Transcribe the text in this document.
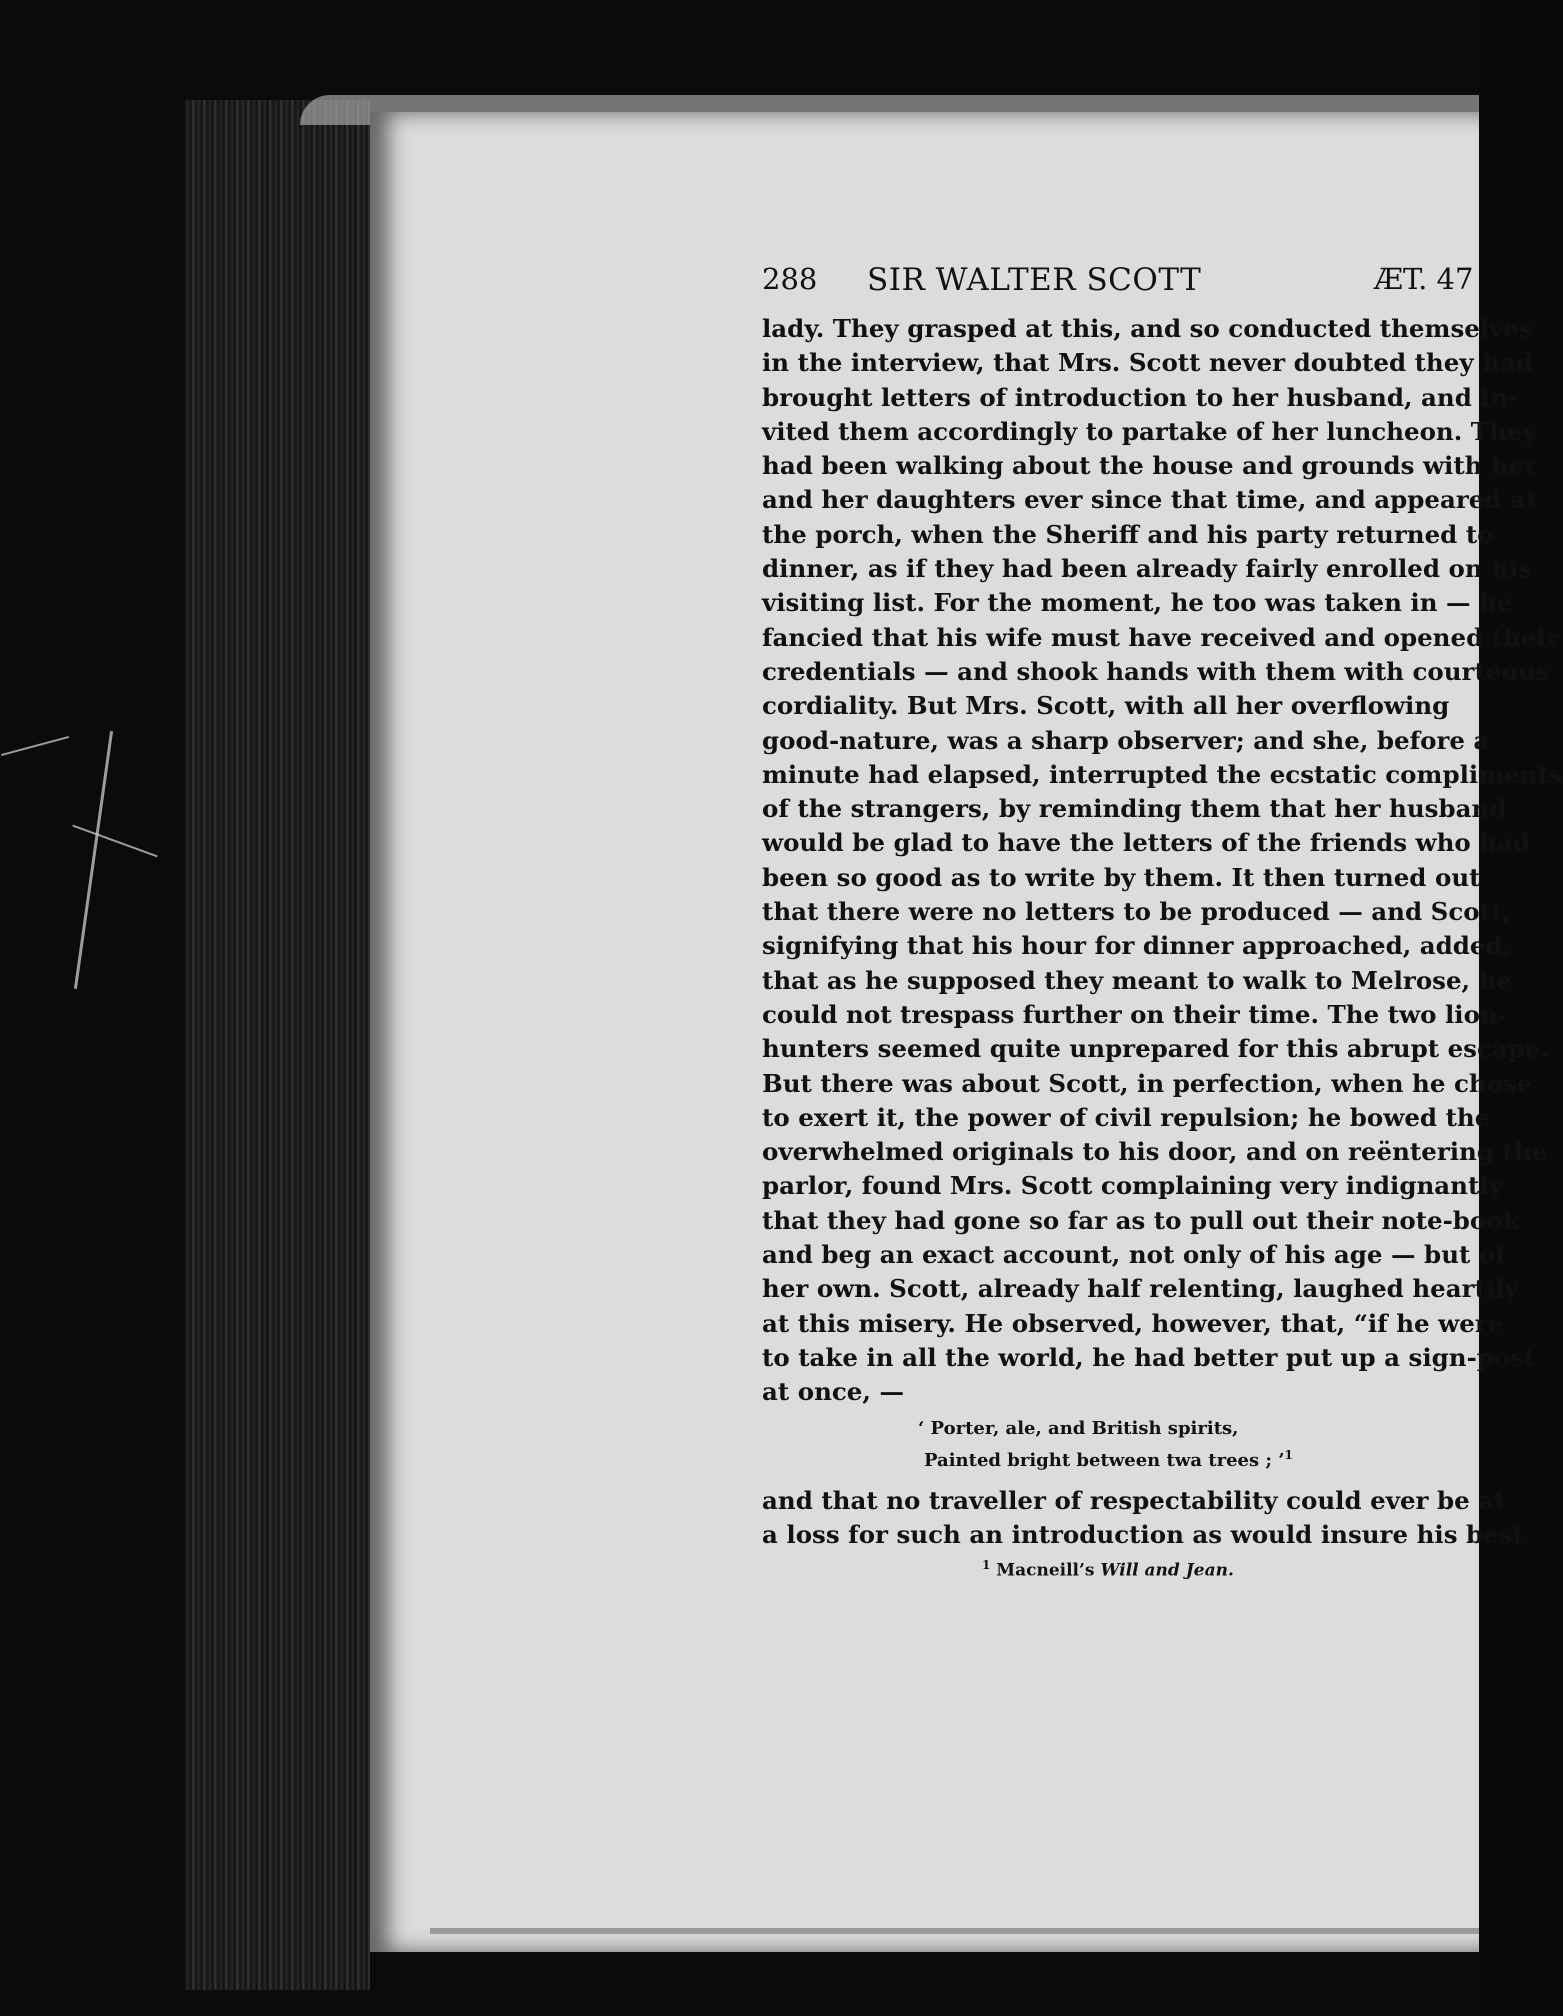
288 SIR WALTER SCOTT	ÆT. 47
lady. They grasped at this, and so conducted themselves
in the interview, that Mrs. Scott never doubted they had
brought letters of introduction to her husband, and in-
vited them accordingly to partake of her luncheon. They
had been walking about the house and grounds with her
and her daughters ever since that time, and appeared at
the porch, when the Sheriff and his party returned to
dinner, as if they had been already fairly enrolled on his
visiting list. For the moment, he too was taken in — he
fancied that his wife must have received and opened their
credentials — and shook hands with them with courteous
cordiality. But Mrs. Scott, with all her overflowing
good-nature, was a sharp observer; and she, before a
minute had elapsed, interrupted the ecstatic compliments
of the strangers, by reminding them that her husband
would be glad to have the letters of the friends who had
been so good as to write by them. It then turned out
that there were no letters to be produced — and Scott,
signifying that his hour for dinner approached, added,
that as he supposed they meant to walk to Melrose, he
could not trespass further on their time. The two lion-
hunters seemed quite unprepared for this abrupt escape.
But there was about Scott, in perfection, when he chose
to exert it, the power of civil repulsion; he bowed the
overwhelmed originals to his door, and on reëntering the
parlor, found Mrs. Scott complaining very indignantly
that they had gone so far as to pull out their note-book
and beg an exact account, not only of his age — but of
her own. Scott, already half relenting, laughed heartily
at this misery. He observed, however, that, “if he were
to take in all the world, he had better put up a sign-post
at once, —
‘ Porter, ale, and British spirits,
Painted bright between twa trees ; ’$^1$
and that no traveller of respectability could ever be at
a loss for such an introduction as would insure his best
$^1$ Macneill’s Will and Jean.
